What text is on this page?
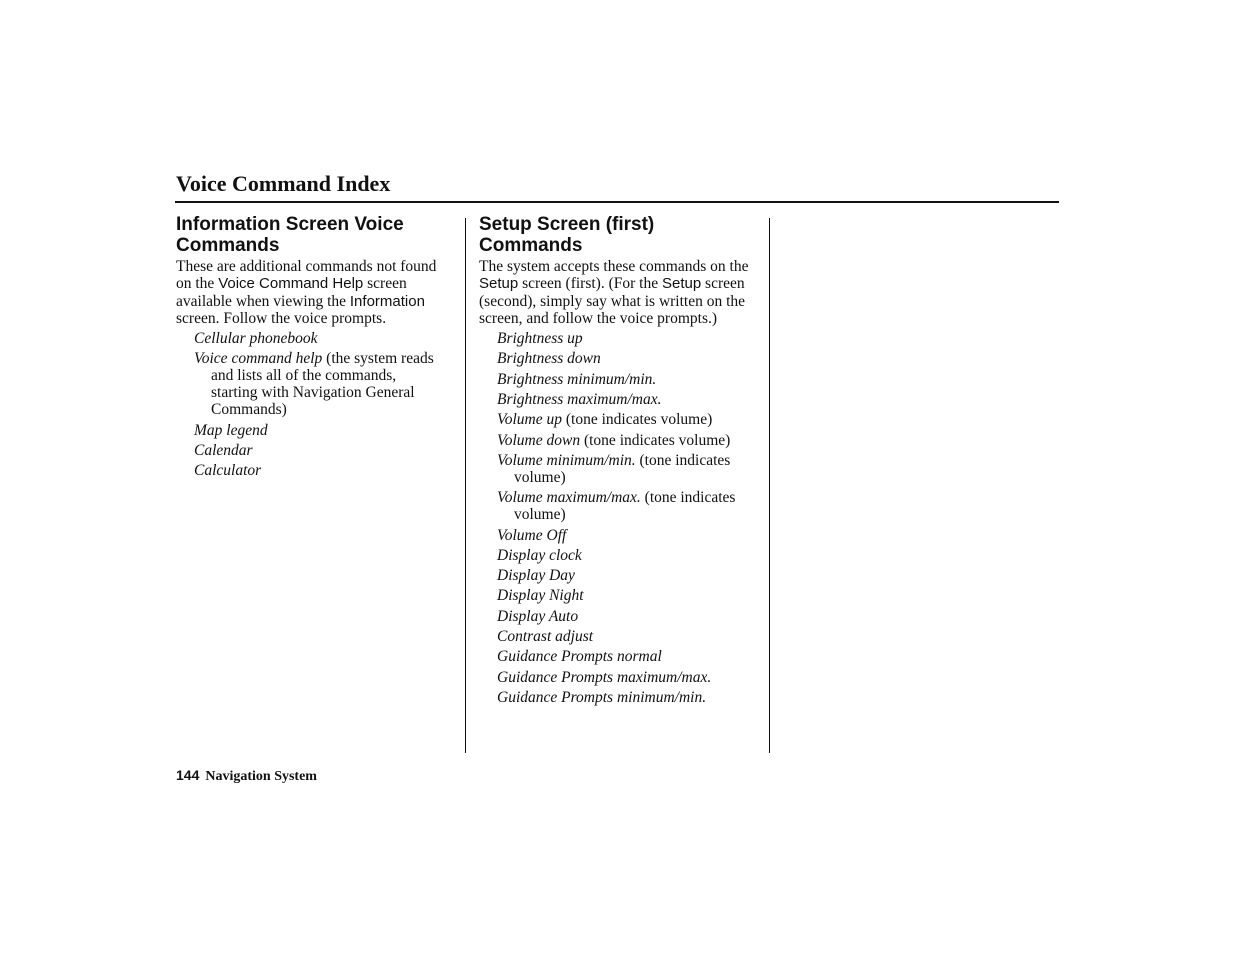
Voice Command Index
Information Screen Voice Commands

These are additional commands not found on the Voice Command Help screen available when viewing the Information screen. Follow the voice prompts.

Cellular phonebook
Voice command help (the system reads and lists all of the commands, starting with Navigation General Commands)
Map legend
Calendar
Calculator
Setup Screen (first) Commands

The system accepts these commands on the Setup screen (first). (For the Setup screen (second), simply say what is written on the screen, and follow the voice prompts.)

Brightness up
Brightness down
Brightness minimum/min.
Brightness maximum/max.
Volume up (tone indicates volume)
Volume down (tone indicates volume)
Volume minimum/min. (tone indicates volume)
Volume maximum/max. (tone indicates volume)
Volume Off
Display clock
Display Day
Display Night
Display Auto
Contrast adjust
Guidance Prompts normal
Guidance Prompts maximum/max.
Guidance Prompts minimum/min.
144 Navigation System
